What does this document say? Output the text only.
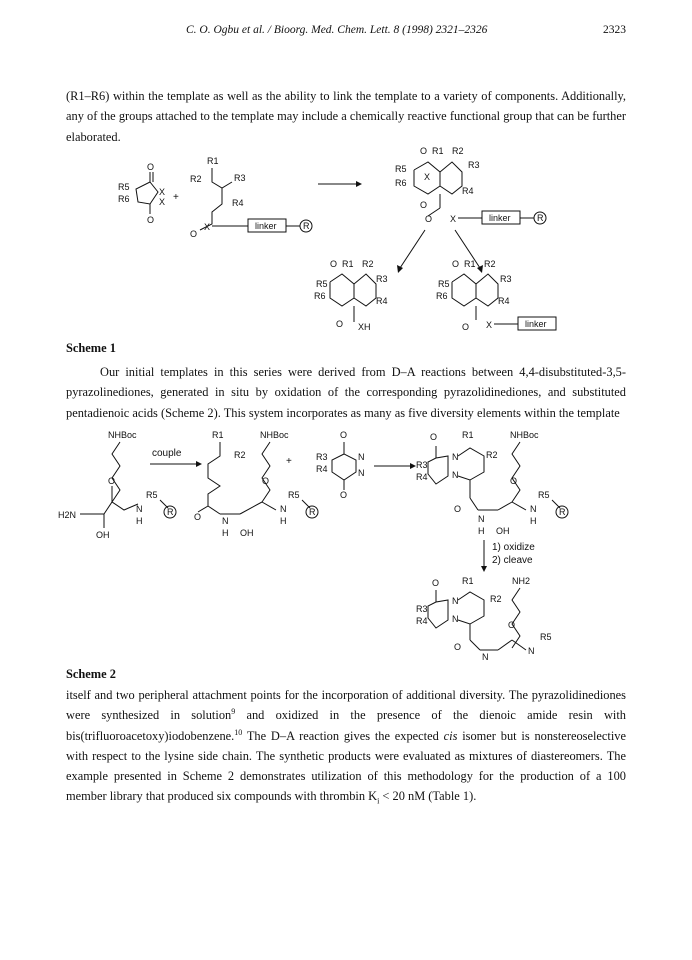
C. O. Ogbu et al. / Bioorg. Med. Chem. Lett. 8 (1998) 2321–2326	2323

(R1–R6) within the template as well as the ability to link the template to a variety of components. Additionally, any of the groups attached to the template may include a chemically reactive functional group that can be further elaborated.

O
O
X
X
R5
R6	+
R1
R2	R3
R4
O
X	linker	R
O R1 R2
R3
R5
R6
R4
O
X
O X	linker	R
O R1 R2
R3
R5
R6	R4
O XH
O R1 R2
R3
R5
R6	R4
O X	linker
Scheme 1

Our initial templates in this series were derived from D–A reactions between 4,4-disubstituted-3,5-pyrazolinediones, generated in situ by oxidation of the corresponding pyrazolidinediones, and substituted pentadienoic acids (Scheme 2). This system incorporates as many as five diversity elements within the template

NHBoc
O
H2N
OH
N
H
R5
R
couple
R1	NHBoc
R2
O N
H OH
O
N
H
R5
R
+
O
O
N
N
R3
R4
O	R1	NHBoc
R2
R3
R4
N
N
O
N
H OH
O
N
H
R5
R
1) oxidize
2) cleave
O	R1	NH2
R2
R3
R4
N
N
O
N
O
N
R5
Scheme 2

itself and two peripheral attachment points for the incorporation of additional diversity. The pyrazolidinediones were synthesized in solution$^9$ and oxidized in the presence of the dienoic amide resin with bis(trifluoroacetoxy)iodobenzene.$^{10}$ The D–A reaction gives the expected cis isomer but is nonstereoselective with respect to the lysine side chain. The synthetic products were evaluated as mixtures of diastereomers. The example presented in Scheme 2 demonstrates utilization of this methodology for the production of a 100 member library that produced six compounds with thrombin $K_i < 20$ nM (Table 1).
